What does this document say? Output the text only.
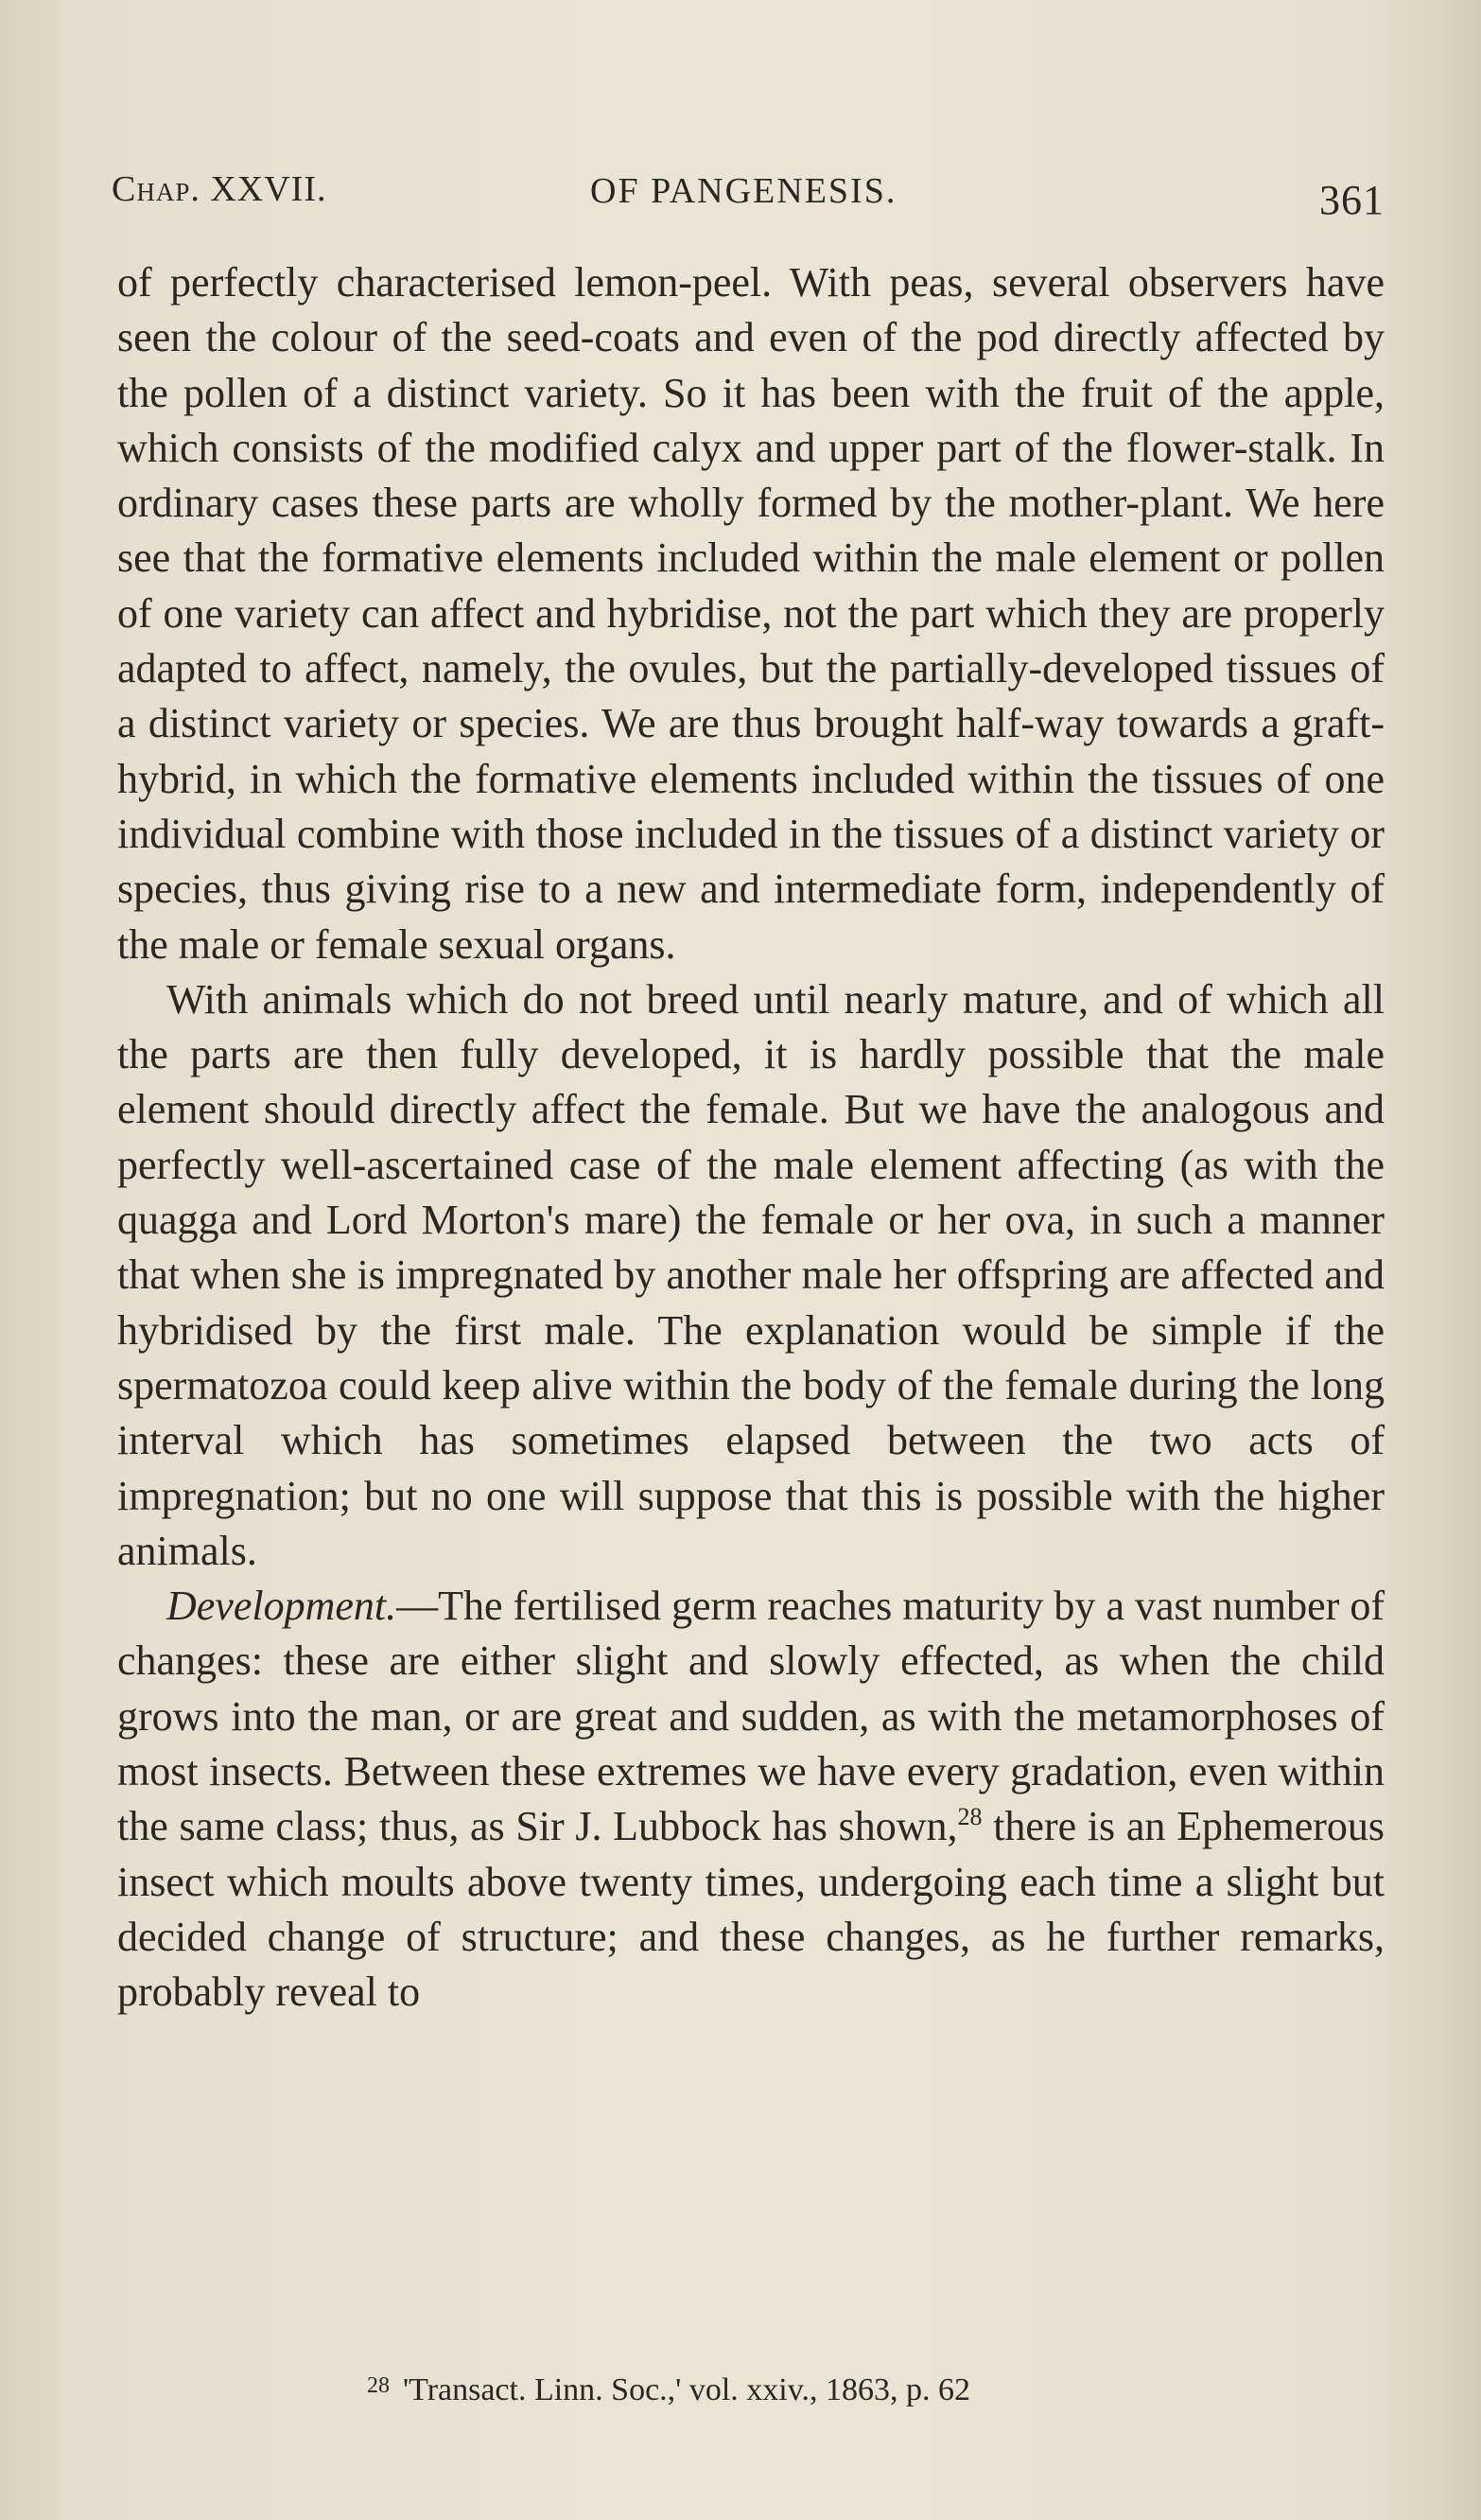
Chap. XXVII.	OF PANGENESIS.	361

of perfectly characterised lemon-peel. With peas, several observers have seen the colour of the seed-coats and even of the pod directly affected by the pollen of a distinct variety. So it has been with the fruit of the apple, which consists of the modified calyx and upper part of the flower-stalk. In ordinary cases these parts are wholly formed by the mother-plant. We here see that the formative elements included within the male element or pollen of one variety can affect and hybridise, not the part which they are properly adapted to affect, namely, the ovules, but the partially-developed tissues of a distinct variety or species. We are thus brought half-way towards a graft-hybrid, in which the formative elements included within the tissues of one individual combine with those included in the tissues of a distinct variety or species, thus giving rise to a new and intermediate form, independently of the male or female sexual organs.

With animals which do not breed until nearly mature, and of which all the parts are then fully developed, it is hardly possible that the male element should directly affect the female. But we have the analogous and perfectly well-ascertained case of the male element affecting (as with the quagga and Lord Morton's mare) the female or her ova, in such a manner that when she is impregnated by another male her offspring are affected and hybridised by the first male. The explanation would be simple if the spermatozoa could keep alive within the body of the female during the long interval which has sometimes elapsed between the two acts of impregnation; but no one will suppose that this is possible with the higher animals.

Development.—The fertilised germ reaches maturity by a vast number of changes: these are either slight and slowly effected, as when the child grows into the man, or are great and sudden, as with the metamorphoses of most insects. Between these extremes we have every gradation, even within the same class; thus, as Sir J. Lubbock has shown,$^{28}$ there is an Ephemerous insect which moults above twenty times, undergoing each time a slight but decided change of structure; and these changes, as he further remarks, probably reveal to

$^{28}$ 'Transact. Linn. Soc.,' vol. xxiv., 1863, p. 62
